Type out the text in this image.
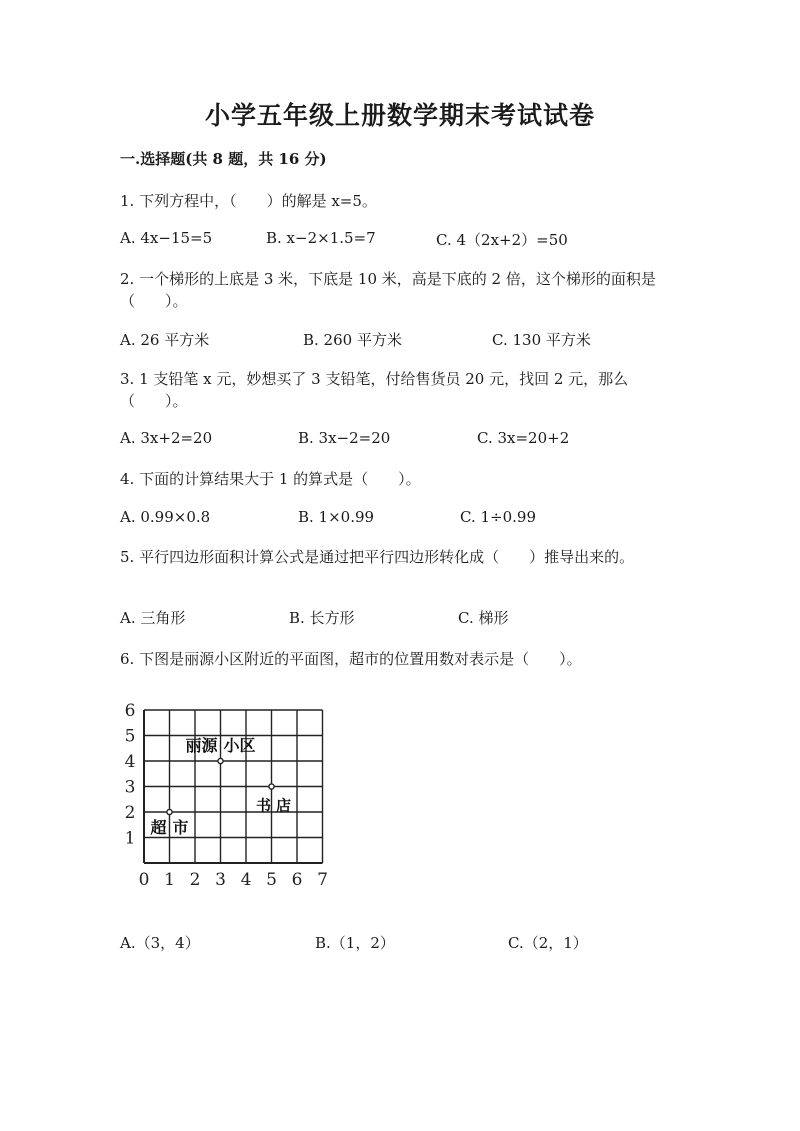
小学五年级上册数学期末考试试卷
一.选择题(共 8 题，共 16 分)
1. 下列方程中，（　　）的解是 x=5。
A. 4x−15=5	B. x−2×1.5=7	C. 4（2x+2）=50
2. 一个梯形的上底是 3 米，下底是 10 米，高是下底的 2 倍，这个梯形的面积是（　　）。
A. 26 平方米	B. 260 平方米	C. 130 平方米
3. 1 支铅笔 x 元，妙想买了 3 支铅笔，付给售货员 20 元，找回 2 元，那么（　　）。
A. 3x+2=20	B. 3x−2=20	C. 3x=20+2
4. 下面的计算结果大于 1 的算式是（　　）。
A. 0.99×0.8	B. 1×0.99	C. 1÷0.99
5. 平行四边形面积计算公式是通过把平行四边形转化成（　　）推导出来的。
A. 三角形	B. 长方形	C. 梯形
6. 下图是丽源小区附近的平面图，超市的位置用数对表示是（　　）。
0 1 2 3 4 5 6 7
1
2
3
4
5
6
丽源 小区
书 店
超 市
A.（3，4）	B.（1，2）	C.（2，1）
